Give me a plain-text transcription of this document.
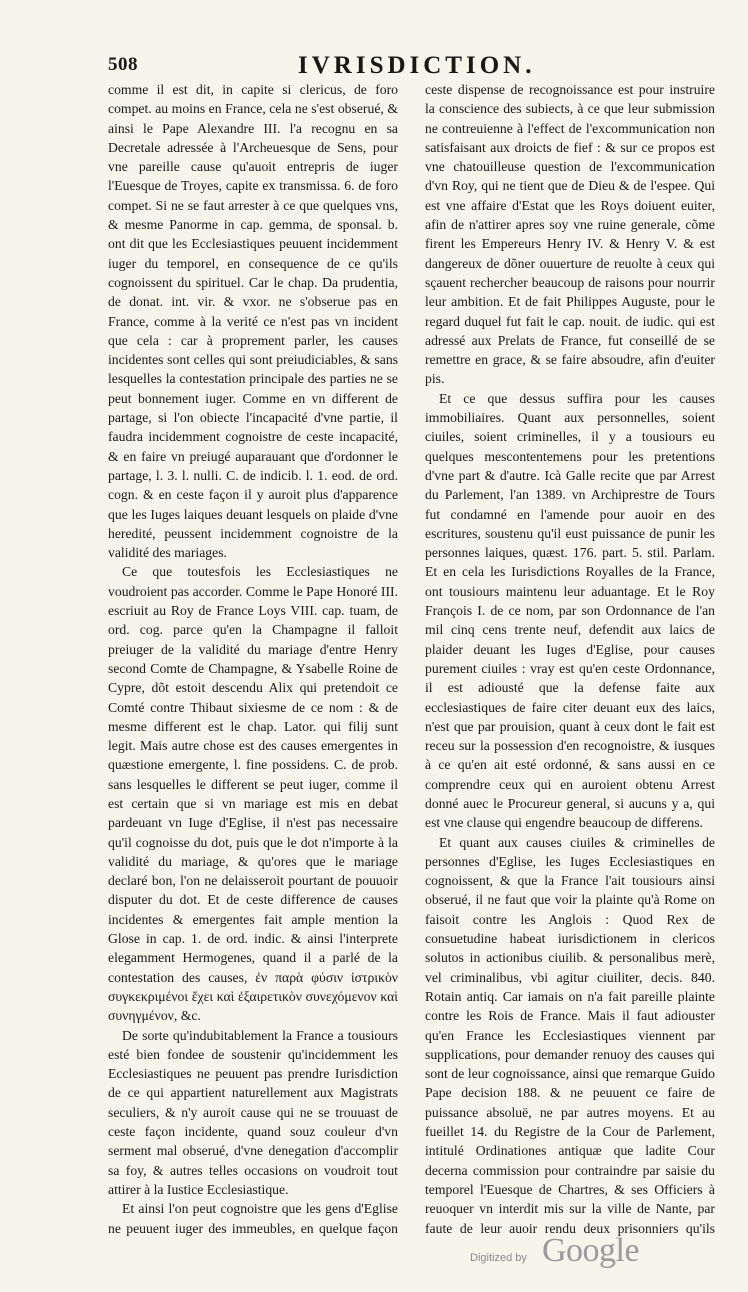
508	IVRISDICTION.

comme il est dit, in capite si clericus, de foro compet. au moins en France, cela ne s'est obserué, & ainsi le Pape Alexandre III. l'a recognu en sa Decretale adressée à l'Archeuesque de Sens, pour vne pareille cause qu'auoit entrepris de iuger l'Euesque de Troyes, capite ex transmissa. 6. de foro compet. Si ne se faut arrester à ce que quelques vns, & mesme Panorme in cap. gemma, de sponsal. b. ont dit que les Ecclesiastiques peuuent incidemment iuger du temporel, en consequence de ce qu'ils cognoissent du spirituel. Car le chap. Da prudentia, de donat. int. vir. & vxor. ne s'obserue pas en France, comme à la verité ce n'est pas vn incident que cela : car à proprement parler, les causes incidentes sont celles qui sont preiudiciables, & sans lesquelles la contestation principale des parties ne se peut bonnement iuger. Comme en vn different de partage, si l'on obiecte l'incapacité d'vne partie, il faudra incidemment cognoistre de ceste incapacité, & en faire vn preiugé auparauant que d'ordonner le partage, l. 3. l. nulli. C. de indicib. l. 1. eod. de ord. cogn. & en ceste façon il y auroit plus d'apparence que les Iuges laiques deuant lesquels on plaide d'vne heredité, peussent incidemment cognoistre de la validité des mariages.

Ce que toutesfois les Ecclesiastiques ne voudroient pas accorder. Comme le Pape Honoré III. escriuit au Roy de France Loys VIII. cap. tuam, de ord. cog. parce qu'en la Champagne il falloit preiuger de la validité du mariage d'entre Henry second Comte de Champagne, & Ysabelle Roine de Cypre, dõt estoit descendu Alix qui pretendoit ce Comté contre Thibaut sixiesme de ce nom : & de mesme different est le chap. Lator. qui filij sunt legit. Mais autre chose est des causes emergentes in quæstione emergente, l. fine possidens. C. de prob. sans lesquelles le different se peut iuger, comme il est certain que si vn mariage est mis en debat pardeuant vn Iuge d'Eglise, il n'est pas necessaire qu'il cognoisse du dot, puis que le dot n'importe à la validité du mariage, & qu'ores que le mariage declaré bon, l'on ne delaisseroit pourtant de pouuoir disputer du dot. Et de ceste difference de causes incidentes & emergentes fait ample mention la Glose in cap. 1. de ord. indic. & ainsi l'interprete elegamment Hermogenes, quand il a parlé de la contestation des causes, ἐν παρὰ φύσιν ἰστρικὸν συγκεκριμένοι ἔχει καὶ ἐξαιρετικὸν συνεχόμενον καὶ συνηγμένον, &c.

De sorte qu'indubitablement la France a tousiours esté bien fondee de soustenir qu'incidemment les Ecclesiastiques ne peuuent pas prendre Iurisdiction de ce qui appartient naturellement aux Magistrats seculiers, & n'y auroit cause qui ne se trouuast de ceste façon incidente, quand souz couleur d'vn serment mal obserué, d'vne denegation d'accomplir sa foy, & autres telles occasions on voudroit tout attirer à la Iustice Ecclesiastique.

Et ainsi l'on peut cognoistre que les gens d'Eglise ne peuuent iuger des immeubles, en quelque façon

ceste dispense de recognoissance est pour instruire la conscience des subiects, à ce que leur submission ne contreuienne à l'effect de l'excommunication non satisfaisant aux droicts de fief : & sur ce propos est vne chatouilleuse question de l'excommunication d'vn Roy, qui ne tient que de Dieu & de l'espee. Qui est vne affaire d'Estat que les Roys doiuent euiter, afin de n'attirer apres soy vne ruine generale, cõme firent les Empereurs Henry IV. & Henry V. & est dangereux de dõner ouuerture de reuolte à ceux qui sçauent rechercher beaucoup de raisons pour nourrir leur ambition. Et de fait Philippes Auguste, pour le regard duquel fut fait le cap. nouit. de iudic. qui est adressé aux Prelats de France, fut conseillé de se remettre en grace, & se faire absoudre, afin d'euiter pis.

Et ce que dessus suffira pour les causes immobiliaires. Quant aux personnelles, soient ciuiles, soient criminelles, il y a tousiours eu quelques mescontentemens pour les pretentions d'vne part & d'autre. Icà Galle recite que par Arrest du Parlement, l'an 1389. vn Archiprestre de Tours fut condamné en l'amende pour auoir en des escritures, soustenu qu'il eust puissance de punir les personnes laiques, quæst. 176. part. 5. stil. Parlam. Et en cela les Iurisdictions Royalles de la France, ont tousiours maintenu leur aduantage. Et le Roy François I. de ce nom, par son Ordonnance de l'an mil cinq cens trente neuf, defendit aux laics de plaider deuant les Iuges d'Eglise, pour causes purement ciuiles : vray est qu'en ceste Ordonnance, il est adiousté que la defense faite aux ecclesiastiques de faire citer deuant eux des laics, n'est que par prouision, quant à ceux dont le fait est receu sur la possession d'en recognoistre, & iusques à ce qu'en ait esté ordonné, & sans aussi en ce comprendre ceux qui en auroient obtenu Arrest donné auec le Procureur general, si aucuns y a, qui est vne clause qui engendre beaucoup de differens.

Et quant aux causes ciuiles & criminelles de personnes d'Eglise, les Iuges Ecclesiastiques en cognoissent, & que la France l'ait tousiours ainsi obserué, il ne faut que voir la plainte qu'à Rome on faisoit contre les Anglois : Quod Rex de consuetudine habeat iurisdictionem in clericos solutos in actionibus ciuilib. & personalibus merè, vel criminalibus, vbi agitur ciuiliter, decis. 840. Rotain antiq. Car iamais on n'a fait pareille plainte contre les Rois de France. Mais il faut adiouster qu'en France les Ecclesiastiques viennent par supplications, pour demander renuoy des causes qui sont de leur cognoissance, ainsi que remarque Guido Pape decision 188. & ne peuuent ce faire de puissance absoluë, ne par autres moyens. Et au fueillet 14. du Registre de la Cour de Parlement, intitulé Ordinationes antiquæ que ladite Cour decerna commission pour contraindre par saisie du temporel l'Euesque de Chartres, & ses Officiers à reuoquer vn interdit mis sur la ville de Nante, par faute de leur auoir rendu deux prisonniers qu'ils

Digitized by Google
